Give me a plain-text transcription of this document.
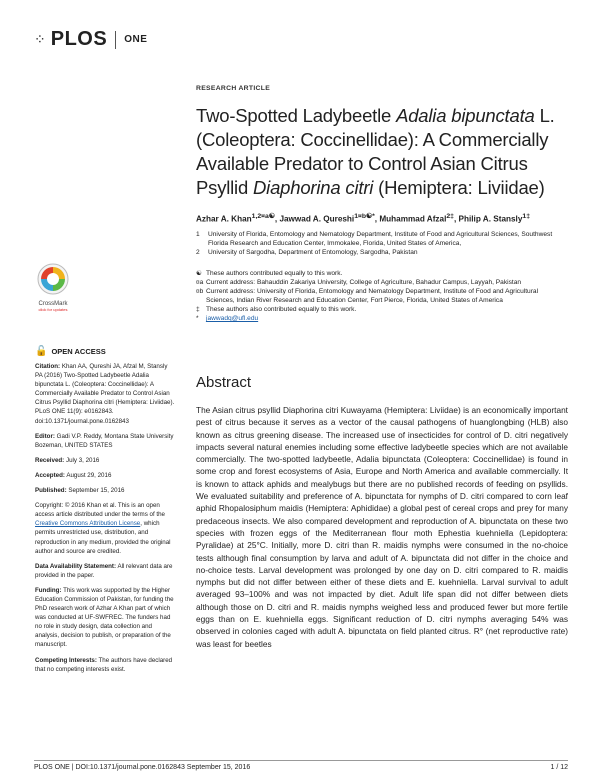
⁘ PLOS ONE
CrossMark
click for updates
🔓 OPEN ACCESS

Citation: Khan AA, Qureshi JA, Afzal M, Stansly PA (2016) Two-Spotted Ladybeetle Adalia bipunctata L. (Coleoptera: Coccinellidae): A Commercially Available Predator to Control Asian Citrus Psyllid Diaphorina citri (Hemiptera: Liviidae). PLoS ONE 11(9): e0162843. doi:10.1371/journal.pone.0162843

Editor: Gadi V.P. Reddy, Montana State University Bozeman, UNITED STATES

Received: July 3, 2016

Accepted: August 29, 2016

Published: September 15, 2016

Copyright: © 2016 Khan et al. This is an open access article distributed under the terms of the Creative Commons Attribution License, which permits unrestricted use, distribution, and reproduction in any medium, provided the original author and source are credited.

Data Availability Statement: All relevant data are provided in the paper.

Funding: This work was supported by the Higher Education Commission of Pakistan, for funding the PhD research work of Azhar A Khan part of which was conducted at UF-SWFREC. The funders had no role in study design, data collection and analysis, decision to publish, or preparation of the manuscript.

Competing Interests: The authors have declared that no competing interests exist.

RESEARCH ARTICLE
Two-Spotted Ladybeetle Adalia bipunctata L.
(Coleoptera: Coccinellidae): A Commercially
Available Predator to Control Asian Citrus
Psyllid Diaphorina citri (Hemiptera: Liviidae)
Azhar A. Khan$^{1,2¤a☯}$, Jawwad A. Qureshi$^{1¤b☯*}$, Muhammad Afzal$^{2\ddagger}$, Philip A. Stansly$^{1\ddagger}$
1	University of Florida, Entomology and Nematology Department, Institute of Food and Agricultural Sciences, Southwest Florida Research and Education Center, Immokalee, Florida, United States of America,
2	University of Sargodha, Department of Entomology, Sargodha, Pakistan
☯ These authors contributed equally to this work.
¤a Current address: Bahauddin Zakariya University, College of Agriculture, Bahadur Campus, Layyah, Pakistan
¤b Current address: University of Florida, Entomology and Nematology Department, Institute of Food and Agricultural Sciences, Indian River Research and Education Center, Fort Pierce, Florida, United States of America
‡ These authors also contributed equally to this work.
*	jawwadq@ufl.edu
Abstract
The Asian citrus psyllid Diaphorina citri Kuwayama (Hemiptera: Liviidae) is an economically important pest of citrus because it serves as a vector of the causal pathogens of huanglongbing (HLB) also known as citrus greening disease. The increased use of insecticides for control of D. citri negatively impacts several natural enemies including some effective ladybeetle species which are not available commercially. The two-spotted ladybeetle, Adalia bipunctata (Coleoptera: Coccinellidae) is found in some crop and forest ecosystems of Asia, Europe and North America and available commercially. It is known to attack aphids and mealybugs but there are no published records of feeding on psyllids. We evaluated suitability and preference of A. bipunctata for nymphs of D. citri compared to corn leaf aphid Rhopalosiphum maidis (Hemiptera: Aphididae) a global pest of cereal crops and prey for many predaceous insects. We also compared development and reproduction of A. bipunctata on these two species with frozen eggs of the Mediterranean flour moth Ephestia kuehniella (Lepidoptera: Pyralidae) at 25°C. Initially, more D. citri than R. maidis nymphs were consumed in the no-choice tests although final consumption by larva and adult of A. bipunctata did not differ in the choice and no-choice tests. Larval development was prolonged by one day on D. citri compared to R. maidis nymphs but did not differ between either of these diets and E. kuehniella. Larval survival to adult averaged 93–100% and was not impacted by diet. Adult life span did not differ between diets although those on D. citri and R. maidis nymphs weighed less and produced fewer but more fertile eggs than on E. kuehniella eggs. Significant reduction of D. citri nymphs averaging 54% was observed in colonies caged with adult A. bipunctata on field planted citrus. R° (net reproductive rate) was least for beetles
PLOS ONE | DOI:10.1371/journal.pone.0162843 September 15, 2016	1 / 12
